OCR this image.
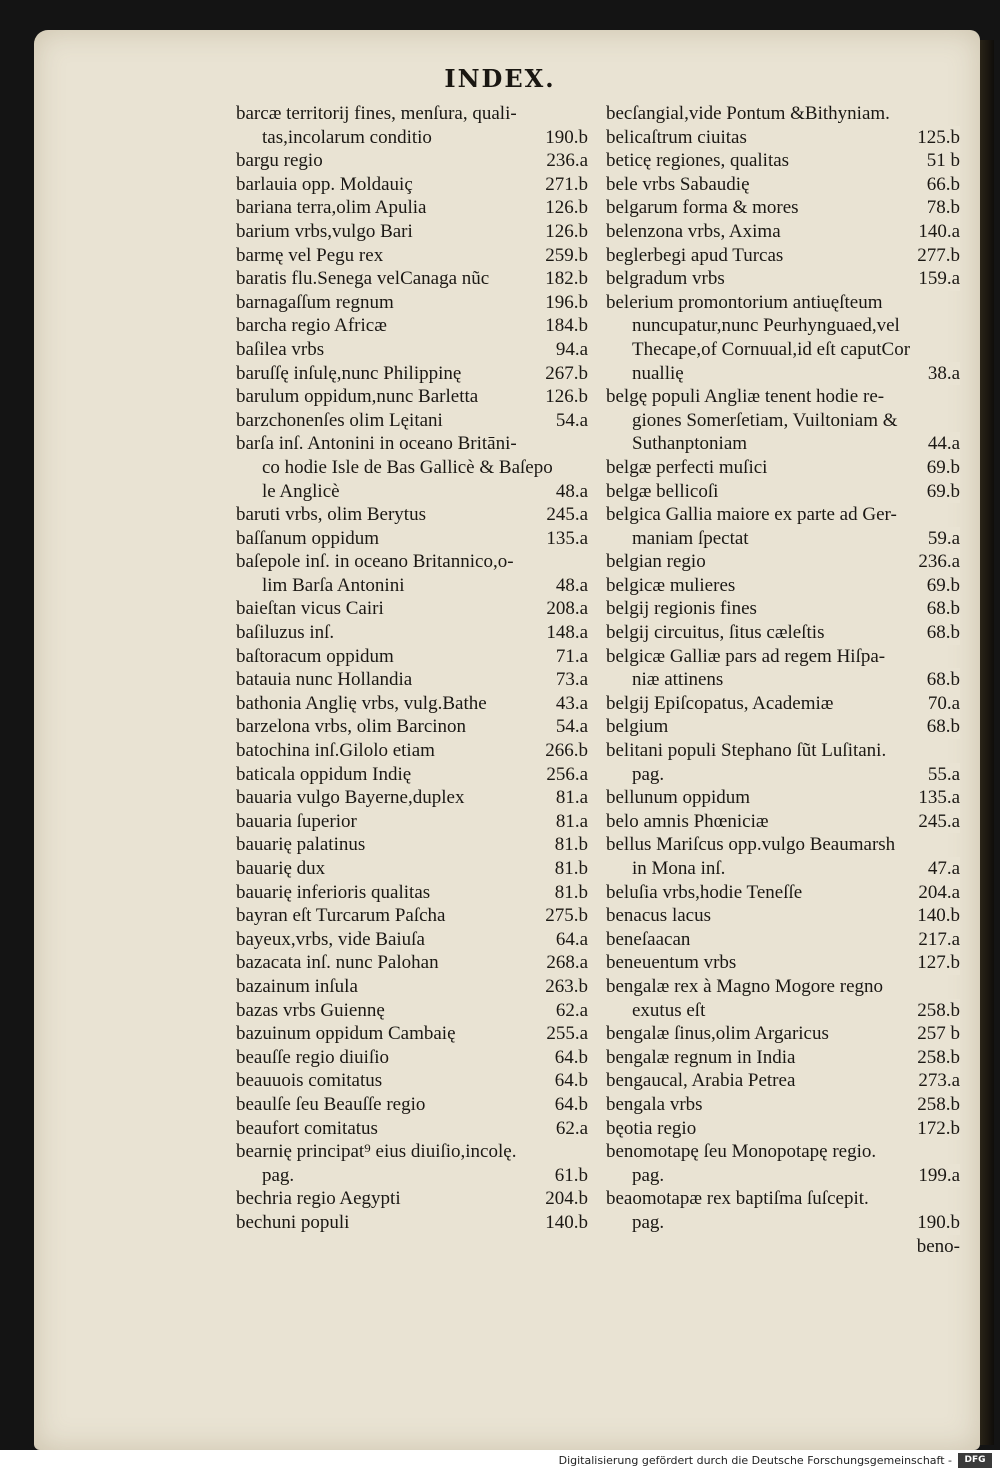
INDEX.
barcæ territorij fines, menſura, quali-
tas,incolarum conditio	190.b
bargu regio	236.a
barlauia opp. Moldauiç	271.b
bariana terra,olim Apulia	126.b
barium vrbs,vulgo Bari	126.b
barmę vel Pegu rex	259.b
baratis flu.Senega velCanaga nũc	182.b
barnagaſſum regnum	196.b
barcha regio Africæ	184.b
baſilea vrbs	94.a
baruſſę inſulę,nunc Philippinę	267.b
barulum oppidum,nunc Barletta	126.b
barzchonenſes olim Lęitani	54.a
barſa inſ. Antonini in oceano Britāni-
co hodie Isle de Bas Gallicè & Baſepo
le Anglicè	48.a
baruti vrbs, olim Berytus	245.a
baſſanum oppidum	135.a
baſepole inſ. in oceano Britannico,o-
lim Barſa Antonini	48.a
baieſtan vicus Cairi	208.a
baſiluzus inſ.	148.a
baſtoracum oppidum	71.a
batauia nunc Hollandia	73.a
bathonia Anglię vrbs, vulg.Bathe	43.a
barzelona vrbs, olim Barcinon	54.a
batochina inſ.Gilolo etiam	266.b
baticala oppidum Indię	256.a
bauaria vulgo Bayerne,duplex	81.a
bauaria ſuperior	81.a
bauarię palatinus	81.b
bauarię dux	81.b
bauarię inferioris qualitas	81.b
bayran eſt Turcarum Paſcha	275.b
bayeux,vrbs, vide Baiuſa	64.a
bazacata inſ. nunc Palohan	268.a
bazainum inſula	263.b
bazas vrbs Guiennę	62.a
bazuinum oppidum Cambaię	255.a
beauſſe regio diuiſio	64.b
beauuois comitatus	64.b
beaulſe ſeu Beauſſe regio	64.b
beaufort comitatus	62.a
bearnię principat⁹ eius diuiſio,incolę.
pag.	61.b
bechria regio Aegypti	204.b
bechuni populi	140.b
becſangial,vide Pontum &Bithyniam.
belicaſtrum ciuitas	125.b
beticę regiones, qualitas	51 b
bele vrbs Sabaudię	66.b
belgarum forma & mores	78.b
belenzona vrbs, Axima	140.a
beglerbegi apud Turcas	277.b
belgradum vrbs	159.a
belerium promontorium antiuęſteum
nuncupatur,nunc Peurhynguaed,vel
Thecape,of Cornuual,id eſt caputCor
nuallię	38.a
belgę populi Angliæ tenent hodie re-
giones Somerſetiam, Vuiltoniam &
Suthanptoniam	44.a
belgæ perfecti muſici	69.b
belgæ bellicoſi	69.b
belgica Gallia maiore ex parte ad Ger-
maniam ſpectat	59.a
belgian regio	236.a
belgicæ mulieres	69.b
belgij regionis fines	68.b
belgij circuitus, ſitus cæleſtis	68.b
belgicæ Galliæ pars ad regem Hiſpa-
niæ attinens	68.b
belgij Epiſcopatus, Academiæ	70.a
belgium	68.b
belitani populi Stephano ſũt Luſitani.
pag.	55.a
bellunum oppidum	135.a
belo amnis Phœniciæ	245.a
bellus Mariſcus opp.vulgo Beaumarsh
in Mona inſ.	47.a
beluſia vrbs,hodie Teneſſe	204.a
benacus lacus	140.b
beneſaacan	217.a
beneuentum vrbs	127.b
bengalæ rex à Magno Mogore regno
exutus eſt	258.b
bengalæ ſinus,olim Argaricus	257 b
bengalæ regnum in India	258.b
bengaucal, Arabia Petrea	273.a
bengala vrbs	258.b
bęotia regio	172.b
benomotapę ſeu Monopotapę regio.
pag.	199.a
beaomotapæ rex baptiſma ſuſcepit.
pag.	190.b
beno-
Digitalisierung gefördert durch die Deutsche Forschungsgemeinschaft -	DFG
